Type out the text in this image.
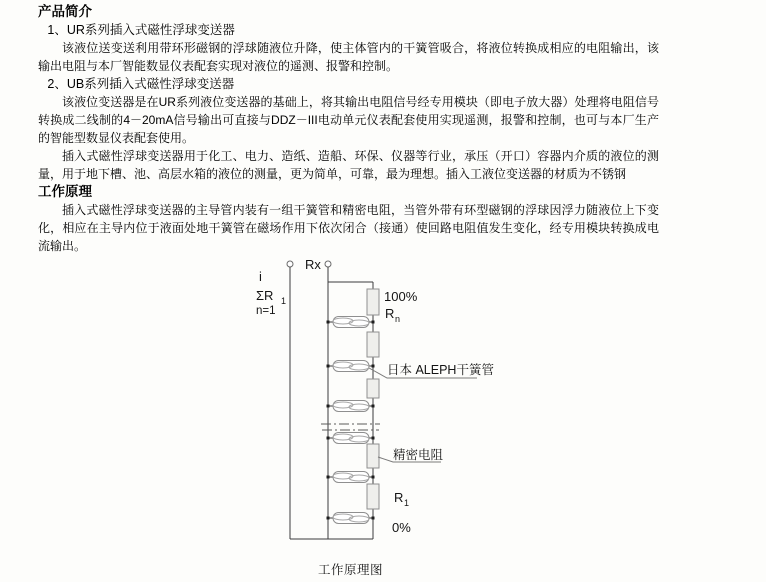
产品简介

1、UR系列插入式磁性浮球变送器

该液位送变送利用带环形磁钢的浮球随液位升降，使主体管内的干簧管吸合，将液位转换成相应的电阻输出，该输出电阻与本厂智能数显仪表配套实现对液位的遥测、报警和控制。

2、UB系列插入式磁性浮球变送器

该液位变送器是在UR系列液位变送器的基础上，将其输出电阻信号经专用模块（即电子放大器）处理将电阻信号转换成二线制的4－20mA信号输出可直接与DDZ－III电动单元仪表配套使用实现遥测，报警和控制，也可与本厂生产的智能型数显仪表配套使用。

插入式磁性浮球变送器用于化工、电力、造纸、造船、环保、仪器等行业，承压（开口）容器内介质的液位的测量，用于地下槽、池、高层水箱的液位的测量，更为简单，可靠，最为理想。插入工液位变送器的材质为不锈钢

工作原理

插入式磁性浮球变送器的主导管内装有一组干簧管和精密电阻，当管外带有环型磁钢的浮球因浮力随液位上下变化，相应在主导内位于液面处地干簧管在磁场作用下依次闭合（接通）使回路电阻值发生变化，经专用模块转换成电流输出。

i
ΣR 1
n=1
Rx
100%
R n
日本 ALEPH干簧管
精密电阻
R 1
0%
工作原理图
